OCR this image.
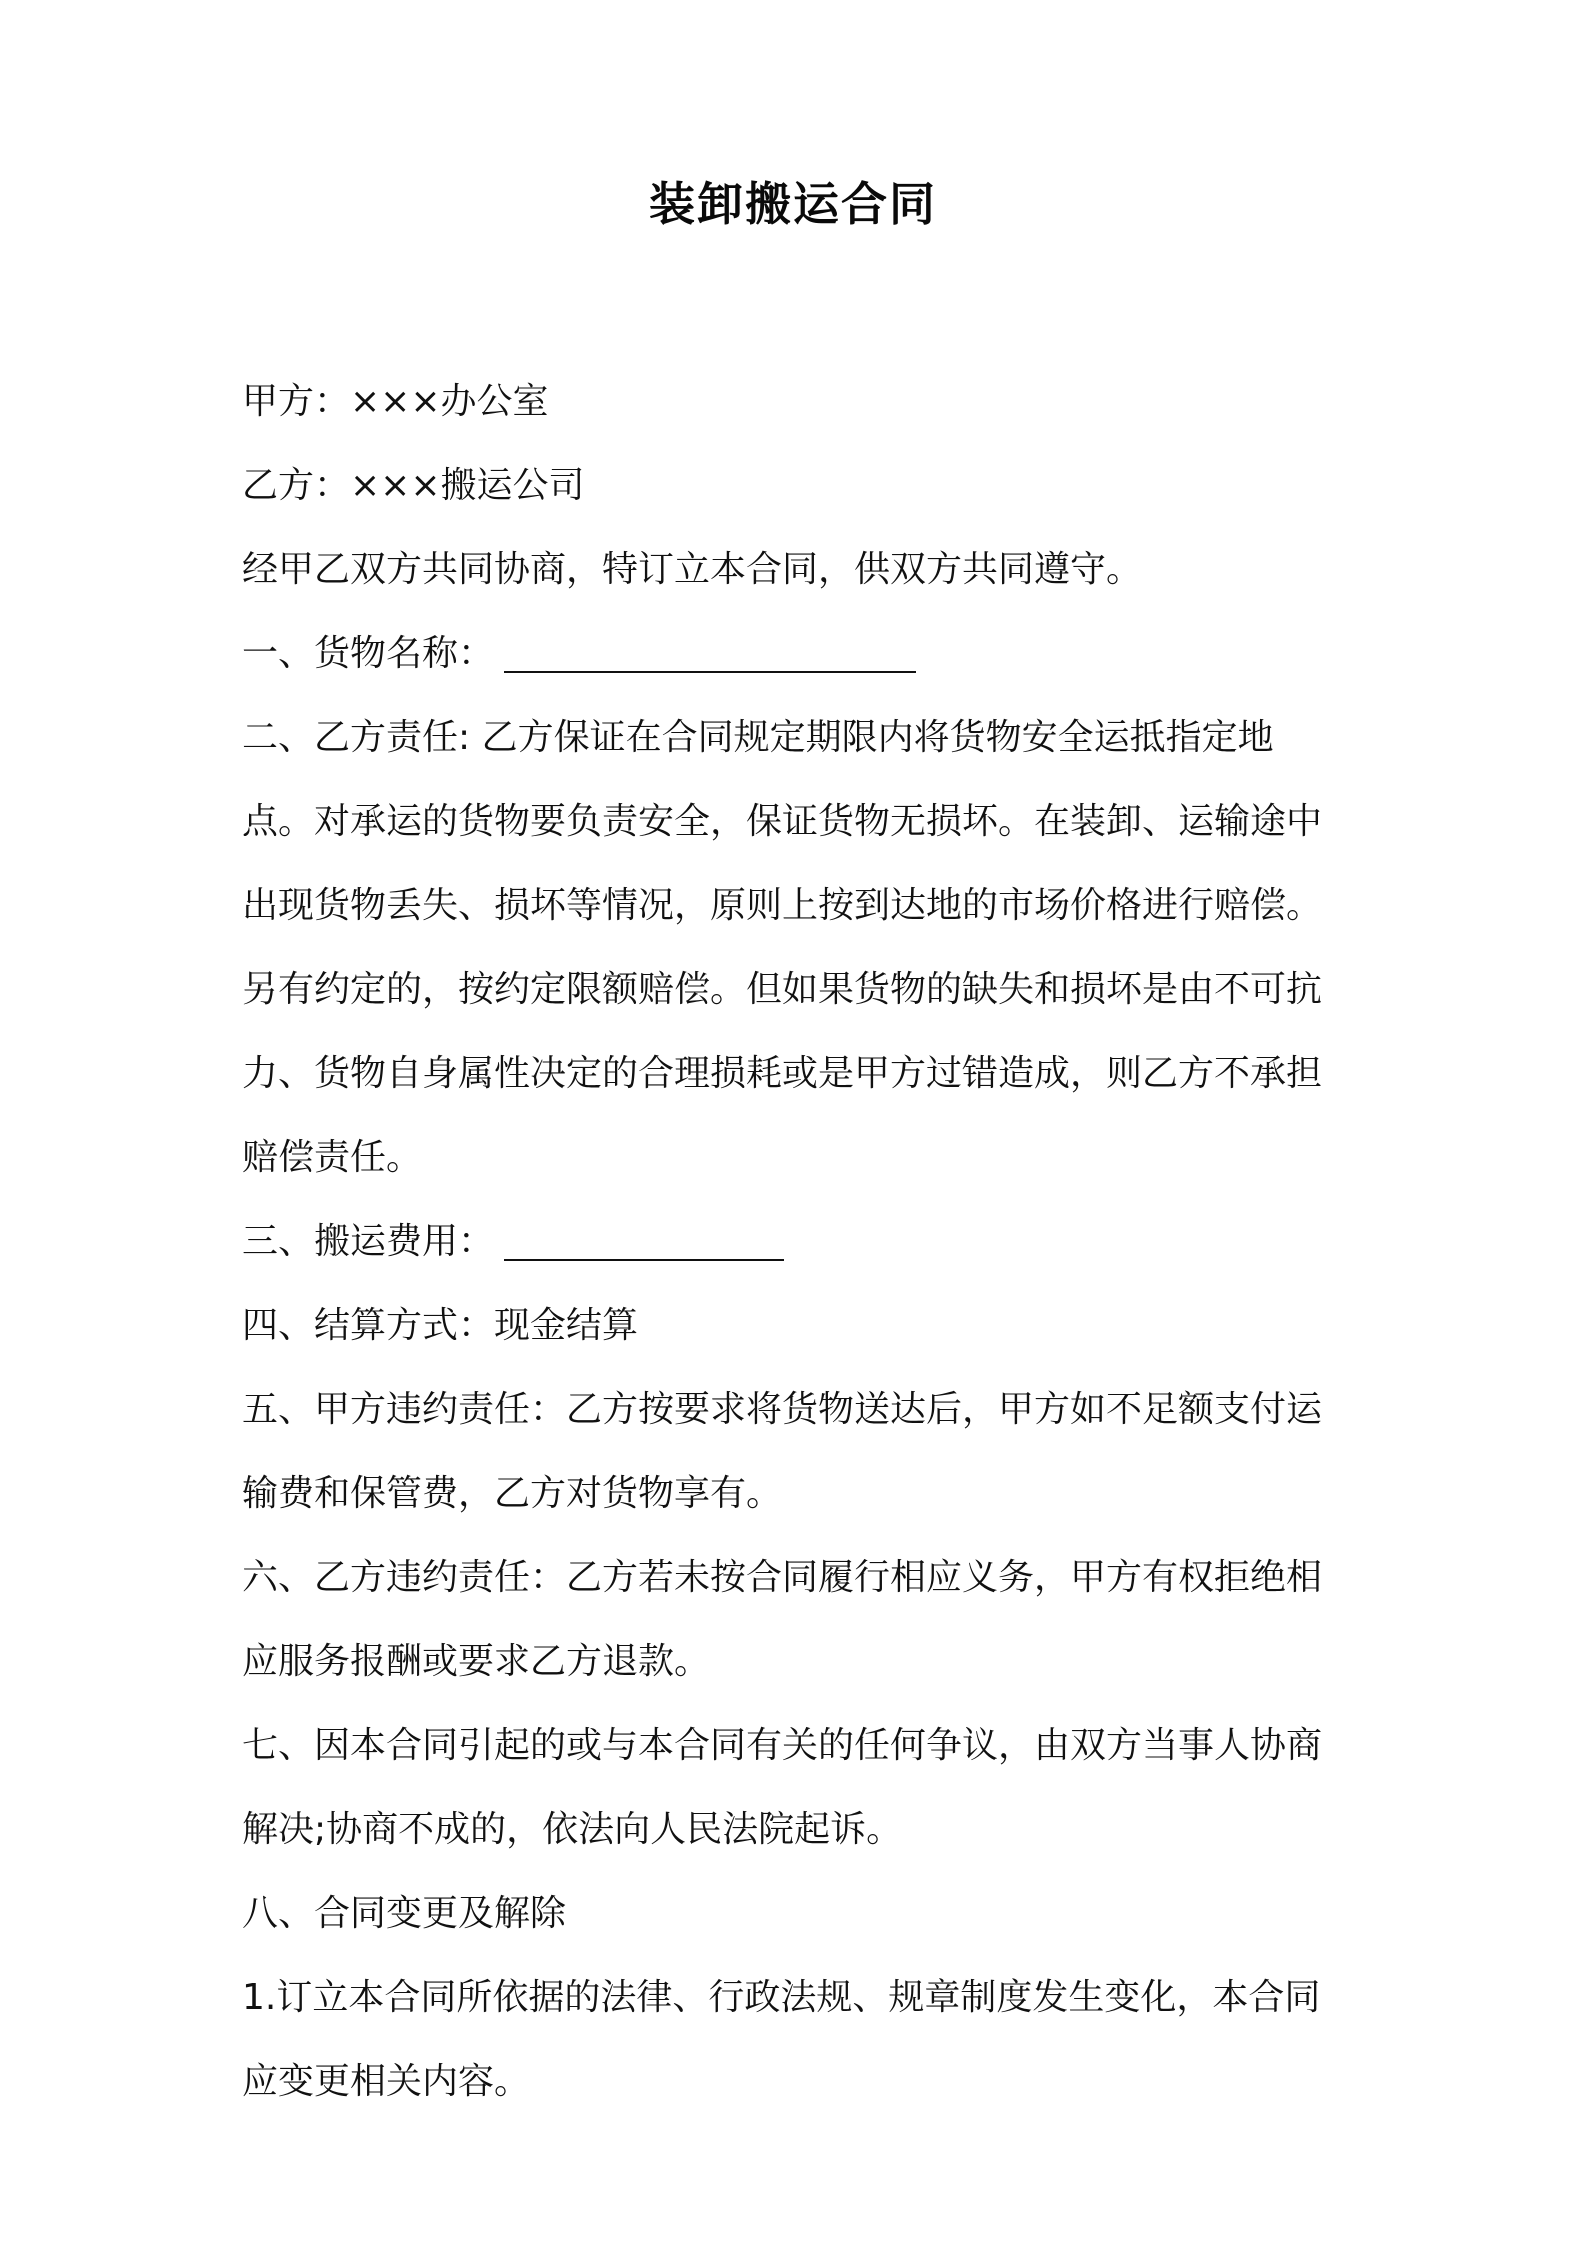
装卸搬运合同
甲方：×××办公室
乙方：×××搬运公司
经甲乙双方共同协商，特订立本合同，供双方共同遵守。
一、货物名称：
二、乙方责任: 乙方保证在合同规定期限内将货物安全运抵指定地
点。对承运的货物要负责安全，保证货物无损坏。在装卸、运输途中
出现货物丢失、损坏等情况，原则上按到达地的市场价格进行赔偿。
另有约定的，按约定限额赔偿。但如果货物的缺失和损坏是由不可抗
力、货物自身属性决定的合理损耗或是甲方过错造成，则乙方不承担
赔偿责任。
三、搬运费用：
四、结算方式：现金结算
五、甲方违约责任：乙方按要求将货物送达后，甲方如不足额支付运
输费和保管费，乙方对货物享有。
六、乙方违约责任：乙方若未按合同履行相应义务，甲方有权拒绝相
应服务报酬或要求乙方退款。
七、因本合同引起的或与本合同有关的任何争议，由双方当事人协商
解决;协商不成的，依法向人民法院起诉。
八、合同变更及解除
1.订立本合同所依据的法律、行政法规、规章制度发生变化，本合同
应变更相关内容。
